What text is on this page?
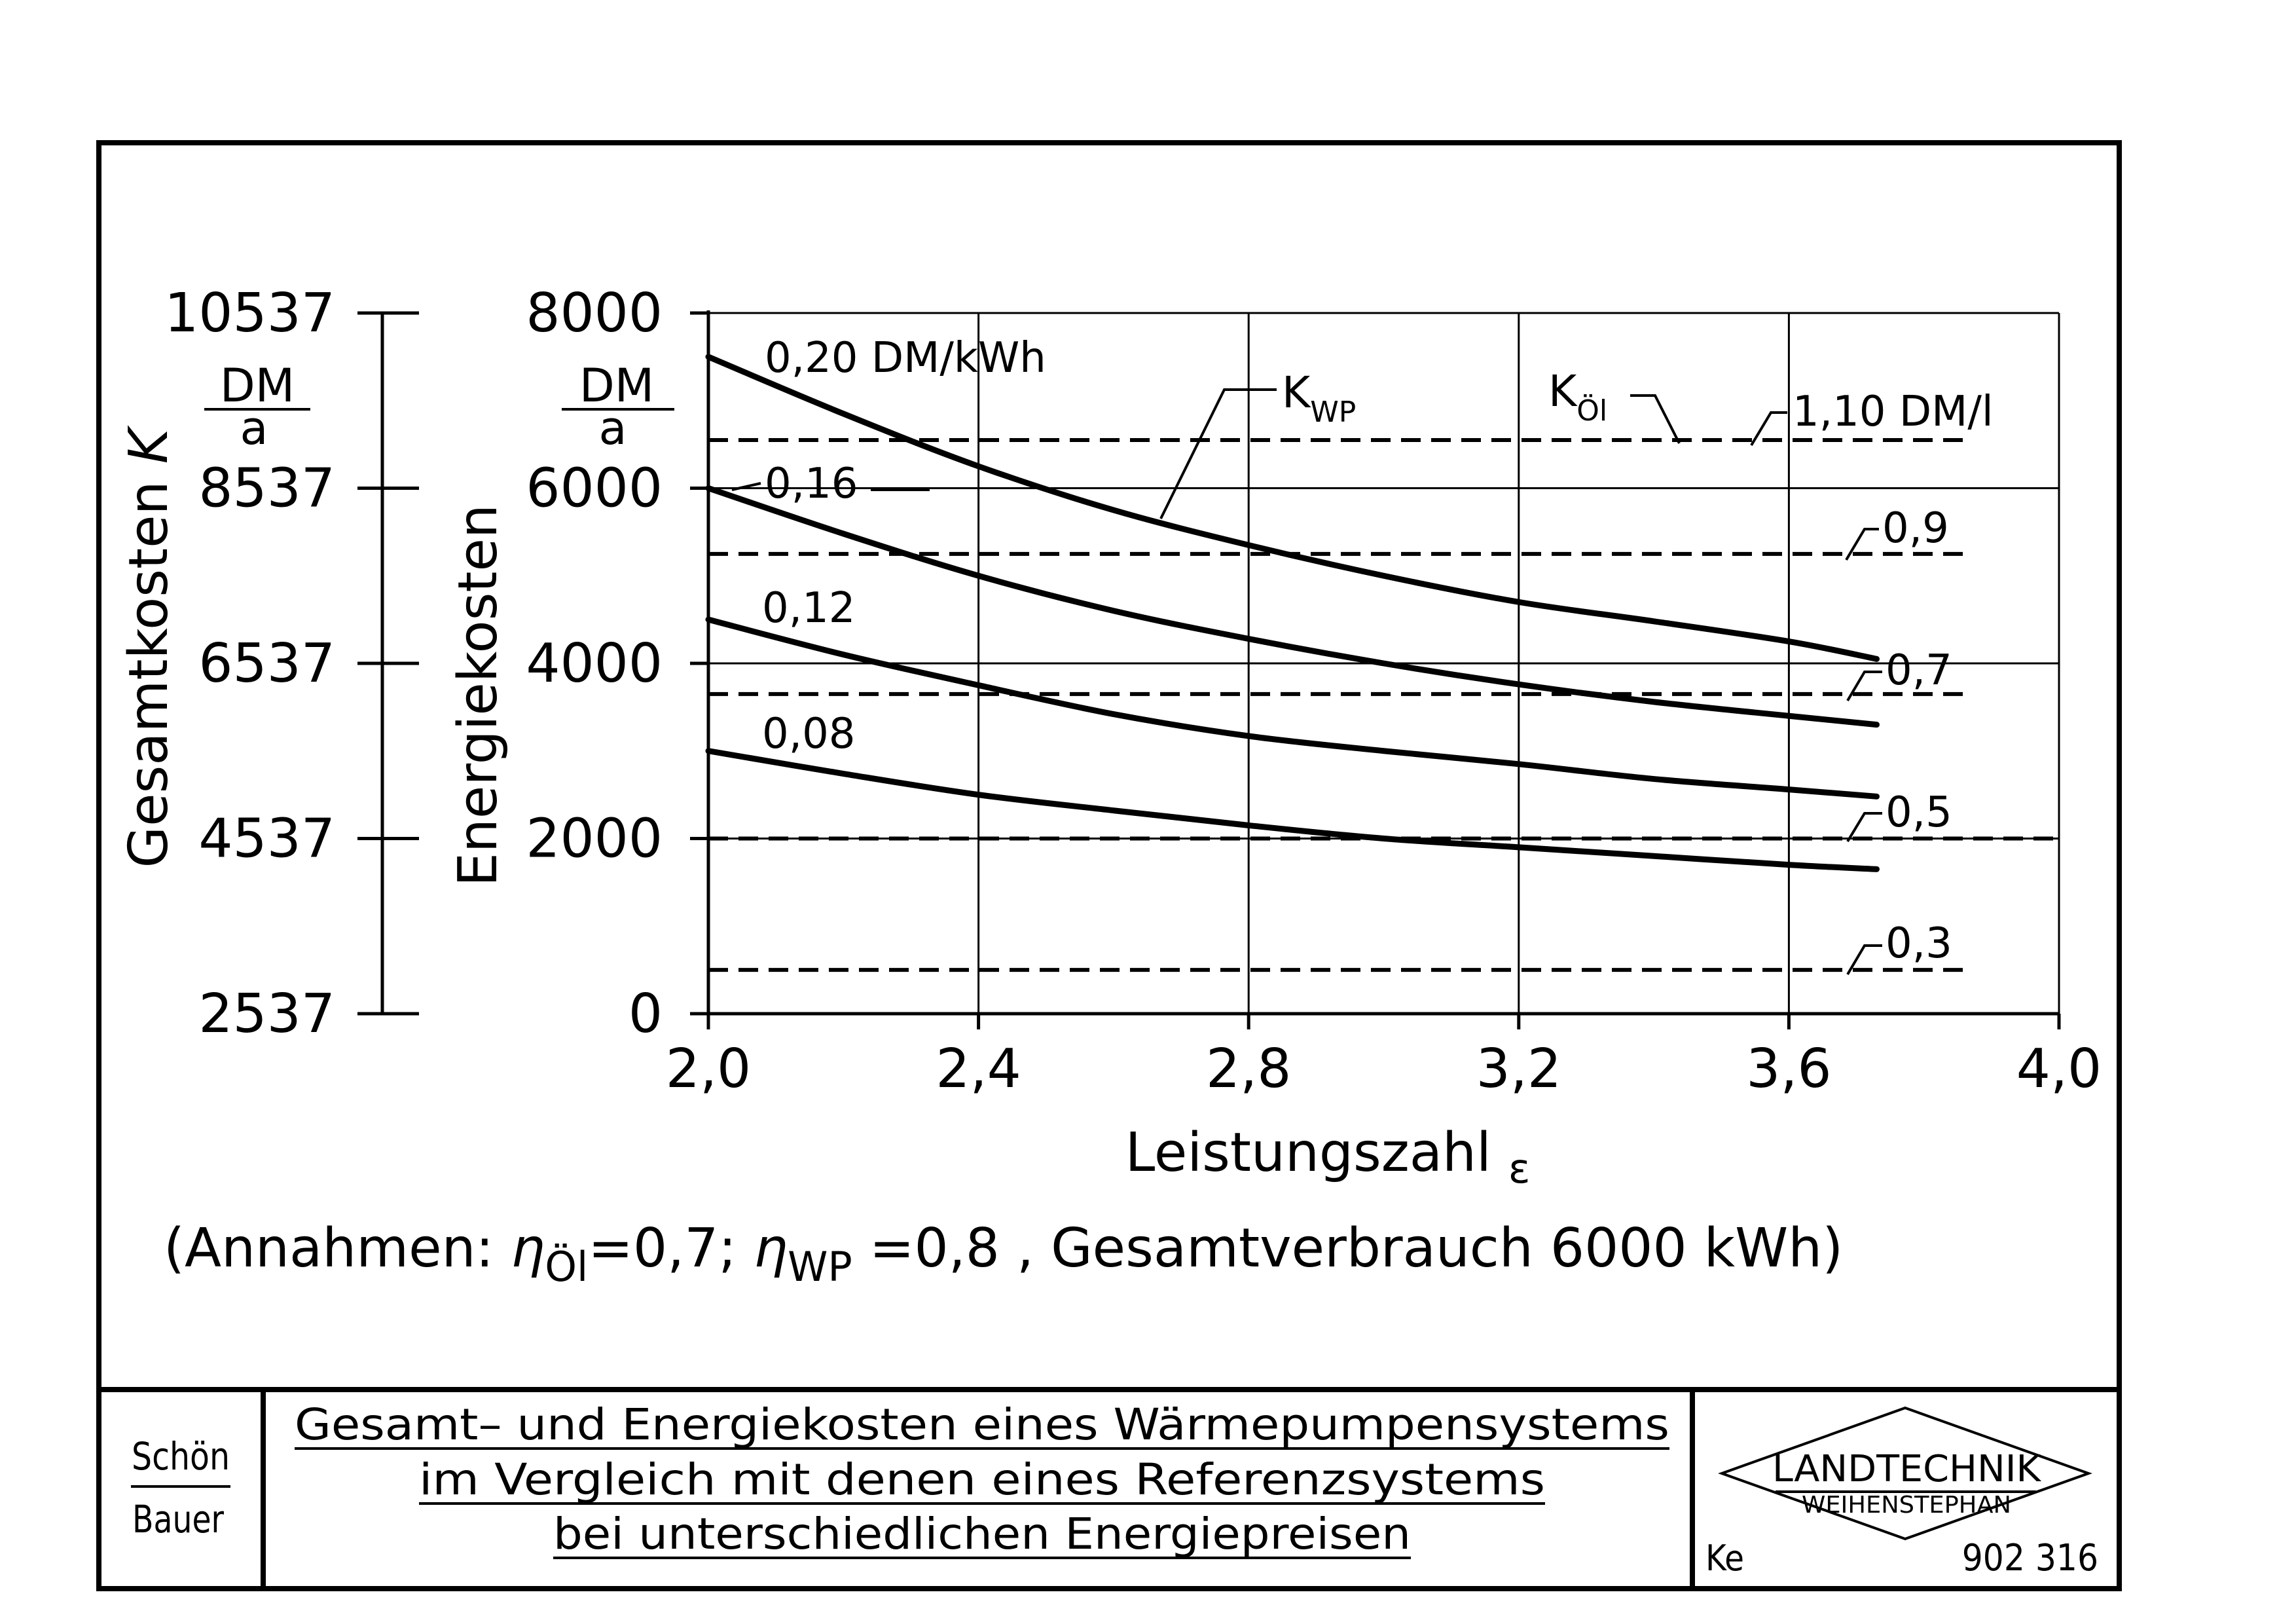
2,0	2,4	2,8	3,2	3,6	4,0
0
2000
4000
6000
8000
2537
4537
6537
8537
10537
Leistungszahl $_\varepsilon$
Energiekosten
DM
a
Gesamtkosten K
DM
a
0,20 DM/kWh
0,16
0,12
0,08
$K_{WP}$	$K_{Öl}$	1,10 DM/l
0,9
0,7
0,5
0,3
(Annahmen: $\eta_{Öl}=0,7$; $\eta_{WP} =0,8$ , Gesamtverbrauch 6000 kWh)
Schön
Bauer
Gesamt– und Energiekosten eines Wärmepumpensystems
im Vergleich mit denen eines Referenzsystems
bei unterschiedlichen Energiepreisen
LANDTECHNIK
WEIHENSTEPHAN
Ke	902 316
